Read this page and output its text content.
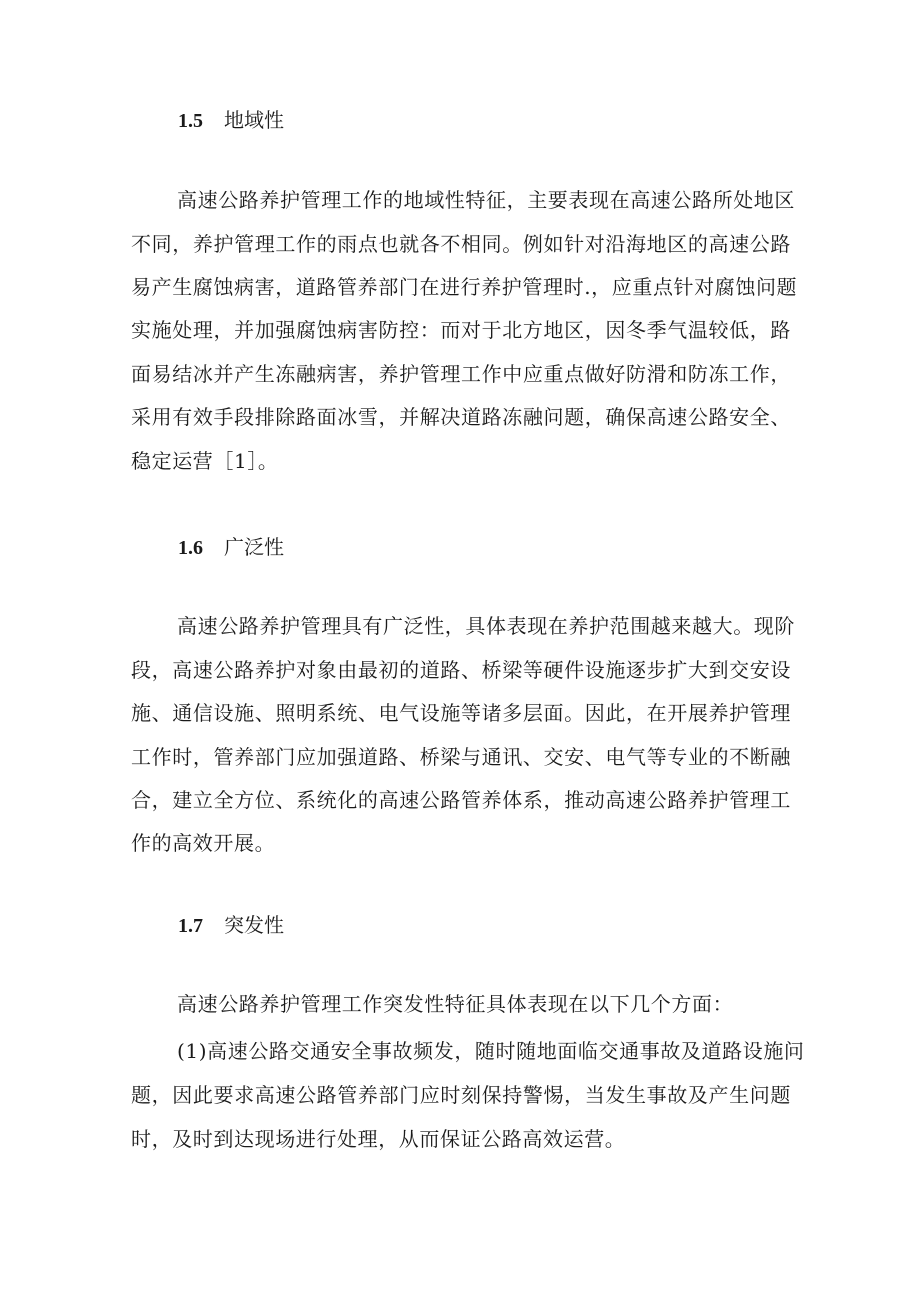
1.5 地域性
高速公路养护管理工作的地域性特征，主要表现在高速公路所处地区
不同，养护管理工作的雨点也就各不相同。例如针对沿海地区的高速公路
易产生腐蚀病害，道路管养部门在进行养护管理时.，应重点针对腐蚀问题
实施处理，并加强腐蚀病害防控：而对于北方地区，因冬季气温较低，路
面易结冰并产生冻融病害，养护管理工作中应重点做好防滑和防冻工作，
采用有效手段排除路面冰雪，并解决道路冻融问题，确保高速公路安全、
稳定运营［1］。
1.6 广泛性
高速公路养护管理具有广泛性，具体表现在养护范围越来越大。现阶
段，高速公路养护对象由最初的道路、桥梁等硬件设施逐步扩大到交安设
施、通信设施、照明系统、电气设施等诸多层面。因此，在开展养护管理
工作时，管养部门应加强道路、桥梁与通讯、交安、电气等专业的不断融
合，建立全方位、系统化的高速公路管养体系，推动高速公路养护管理工
作的高效开展。
1.7 突发性
高速公路养护管理工作突发性特征具体表现在以下几个方面：
(1)高速公路交通安全事故频发，随时随地面临交通事故及道路设施问
题，因此要求高速公路管养部门应时刻保持警惕，当发生事故及产生问题
时，及时到达现场进行处理，从而保证公路高效运营。
